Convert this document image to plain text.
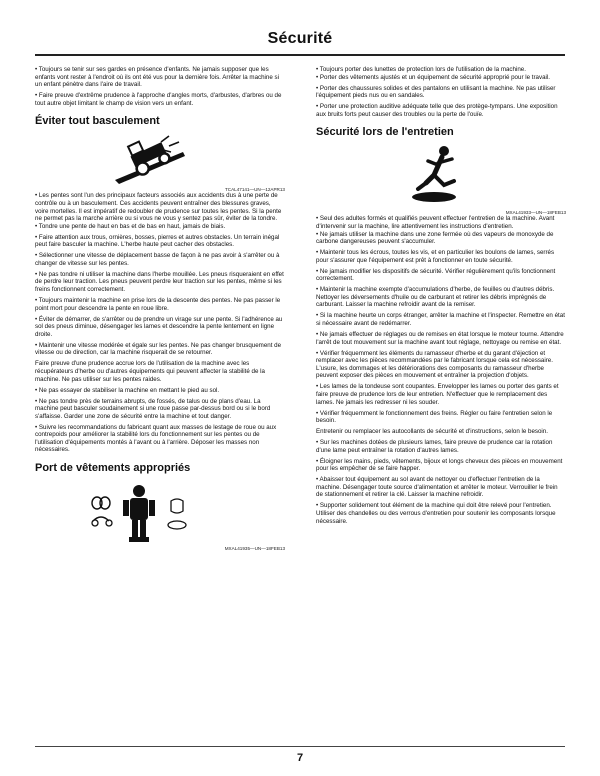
Sécurité

• Toujours se tenir sur ses gardes en présence d'enfants. Ne jamais supposer que les enfants vont rester à l'endroit où ils ont été vus pour la dernière fois. Arrêter la machine si un enfant pénètre dans l'aire de travail.

• Faire preuve d'extrême prudence à l'approche d'angles morts, d'arbustes, d'arbres ou de tout autre objet limitant le champ de vision vers un enfant.

Éviter tout basculement
TCAL47141—UN—12APR13

• Les pentes sont l'un des principaux facteurs associés aux accidents dus à une perte de contrôle ou à un basculement. Ces accidents peuvent entraîner des blessures graves, voire mortelles. Il est impératif de redoubler de prudence sur toutes les pentes. Si la pente ne permet pas la marche arrière ou si vous ne vous y sentez pas sûr, éviter de la tondre.
• Tondre une pente de haut en bas et de bas en haut, jamais de biais.

• Faire attention aux trous, ornières, bosses, pierres et autres obstacles. Un terrain inégal peut faire basculer la machine. L'herbe haute peut cacher des obstacles.

• Sélectionner une vitesse de déplacement basse de façon à ne pas avoir à s'arrêter ou à changer de vitesse sur les pentes.

• Ne pas tondre ni utiliser la machine dans l'herbe mouillée. Les pneus risqueraient en effet de perdre leur traction. Les pneus peuvent perdre leur traction sur les pentes, même si les freins fonctionnent correctement.

• Toujours maintenir la machine en prise lors de la descente des pentes. Ne pas passer le point mort pour descendre la pente en roue libre.

• Éviter de démarrer, de s'arrêter ou de prendre un virage sur une pente. Si l'adhérence au sol des pneus diminue, désengager les lames et descendre la pente lentement en ligne droite.

• Maintenir une vitesse modérée et égale sur les pentes. Ne pas changer brusquement de vitesse ou de direction, car la machine risquerait de se retourner.

Faire preuve d'une prudence accrue lors de l'utilisation de la machine avec les récupérateurs d'herbe ou d'autres équipements qui peuvent affecter la stabilité de la machine. Ne pas utiliser sur les pentes raides.

• Ne pas essayer de stabiliser la machine en mettant le pied au sol.

• Ne pas tondre près de terrains abrupts, de fossés, de talus ou de plans d'eau. La machine peut basculer soudainement si une roue passe par-dessus bord ou si le bord s'affaisse. Garder une zone de sécurité entre la machine et tout danger.

• Suivre les recommandations du fabricant quant aux masses de lestage de roue ou aux contrepoids pour améliorer la stabilité lors du fonctionnement sur les pentes ou de l'utilisation d'équipements montés à l'avant ou à l'arrière. Déposer les masses non nécessaires.

Port de vêtements appropriés
MXAL41935—UN—18FEB13

• Toujours porter des lunettes de protection lors de l'utilisation de la machine.
• Porter des vêtements ajustés et un équipement de sécurité approprié pour le travail.

• Porter des chaussures solides et des pantalons en utilisant la machine. Ne pas utiliser l'équipement pieds nus ou en sandales.

• Porter une protection auditive adéquate telle que des protège-tympans. Une exposition aux bruits forts peut causer des troubles ou la perte de l'ouïe.

Sécurité lors de l'entretien
MXAL41933—UN—18FEB13

• Seul des adultes formés et qualifiés peuvent effectuer l'entretien de la machine. Avant d'intervenir sur la machine, lire attentivement les instructions d'entretien.
• Ne jamais utiliser la machine dans une zone fermée où des vapeurs de monoxyde de carbone dangereuses peuvent s'accumuler.

• Maintenir tous les écrous, toutes les vis, et en particulier les boulons de lames, serrés pour s'assurer que l'équipement est prêt à fonctionner en toute sécurité.

• Ne jamais modifier les dispositifs de sécurité. Vérifier régulièrement qu'ils fonctionnent correctement.

• Maintenir la machine exempte d'accumulations d'herbe, de feuilles ou d'autres débris. Nettoyer les déversements d'huile ou de carburant et retirer les débris imprégnés de carburant. Laisser la machine refroidir avant de la remiser.

• Si la machine heurte un corps étranger, arrêter la machine et l'inspecter. Remettre en état si nécessaire avant de redémarrer.

• Ne jamais effectuer de réglages ou de remises en état lorsque le moteur tourne. Attendre l'arrêt de tout mouvement sur la machine avant tout réglage, nettoyage ou remise en état.

• Vérifier fréquemment les éléments du ramasseur d'herbe et du garant d'éjection et remplacer avec les pièces recommandées par le fabricant lorsque cela est nécessaire. L'usure, les dommages et les détériorations des composants du ramasseur d'herbe peuvent exposer des pièces en mouvement et entraîner la projection d'objets.

• Les lames de la tondeuse sont coupantes. Envelopper les lames ou porter des gants et faire preuve de prudence lors de leur entretien. N'effectuer que le remplacement des lames. Ne jamais les redresser ni les souder.

• Vérifier fréquemment le fonctionnement des freins. Régler ou faire l'entretien selon le besoin.

Entretenir ou remplacer les autocollants de sécurité et d'instructions, selon le besoin.

• Sur les machines dotées de plusieurs lames, faire preuve de prudence car la rotation d'une lame peut entraîner la rotation d'autres lames.

• Éloigner les mains, pieds, vêtements, bijoux et longs cheveux des pièces en mouvement pour les empêcher de se faire happer.

• Abaisser tout équipement au sol avant de nettoyer ou d'effectuer l'entretien de la machine. Désengager toute source d'alimentation et arrêter le moteur. Verrouiller le frein de stationnement et retirer la clé. Laisser la machine refroidir.

• Supporter solidement tout élément de la machine qui doit être relevé pour l'entretien. Utiliser des chandelles ou des verrous d'entretien pour soutenir les composants lorsque nécessaire.

7
